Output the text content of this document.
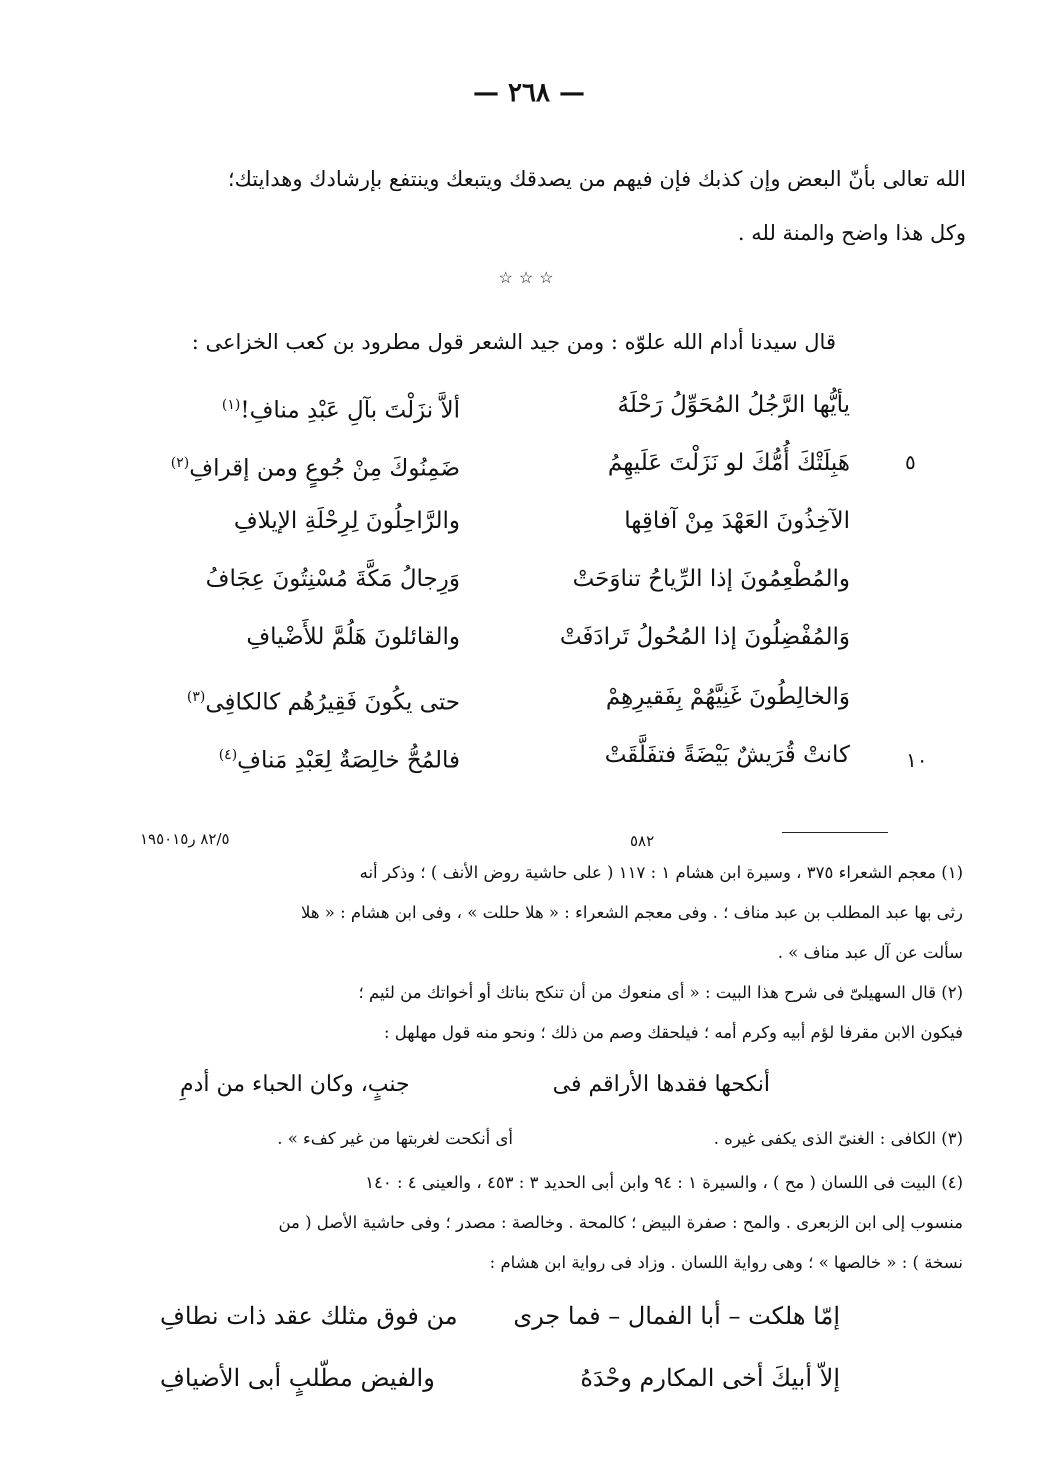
— ٢٦٨ —
الله تعالى بأنّ البعض وإن كذبك فإن فيهم من يصدقك ويتبعك وينتفع بإرشادك وهدايتك؛
وكل هذا واضح والمنة لله .
☆☆☆
قال سيدنا أدام الله علوّه : ومن جيد الشعر قول مطرود بن كعب الخزاعى :
يأيُّها الرَّجُلُ المُحَوِّلُ رَحْلَهُ
ألاَّ نزَلْتَ بآلِ عَبْدِ منافِ!$^{(١)}$
هَبِلَتْكَ أُمُّكَ لو نَزَلْتَ عَلَيهِمُ
ضَمِنُوكَ مِنْ جُوعٍ ومن إقرافِ$^{(٢)}$
الآخِذُونَ العَهْدَ مِنْ آفاقِها
والرَّاحِلُونَ لِرِحْلَةِ الإيلافِ
والمُطْعِمُونَ إذا الرِّياحُ تناوَحَتْ
وَرِجالُ مَكَّةَ مُسْنِتُونَ عِجَافُ
وَالمُفْضِلُونَ إذا المُحُولُ تَرادَفَتْ
والقائلونَ هَلُمَّ للأَضْيافِ
وَالخالِطُونَ غَنِيَّهُمْ بِفَقيرِهِمْ
حتى يكُونَ فَقِيرُهُم كالكافِى$^{(٣)}$
كانتْ قُرَيشٌ بَيْضَةً فتفَلَّقَتْ
فالمُحُّ خالِصَةٌ لِعَبْدِ مَنافِ$^{(٤)}$
٥
١٠
٨٢/٥ ر١٩٥٠١٥	٥٨٢
(١) معجم الشعراء ٣٧٥ ، وسيرة ابن هشام ١ : ١١٧ ( على حاشية روض الأنف ) ؛ وذكر أنه
رثى بها عبد المطلب بن عبد مناف ؛ . وفى معجم الشعراء : « هلا حللت » ، وفى ابن هشام : « هلا
سألت عن آل عبد مناف » .
(٢) قال السهيلىّ فى شرح هذا البيت : « أى منعوك من أن تنكح بناتك أو أخواتك من لئيم ؛
فيكون الابن مقرفا لؤم أبيه وكرم أمه ؛ فيلحقك وصم من ذلك ؛ ونحو منه قول مهلهل :
أنكحها فقدها الأراقم فى
جنبٍ، وكان الحباء من أدمِ
أى أنكحت لغربتها من غير كفء » .	(٣) الكافى : الغنىّ الذى يكفى غيره .
(٤) البيت فى اللسان ( مح ) ، والسيرة ١ : ٩٤ وابن أبى الحديد ٣ : ٤٥٣ ، والعينى ٤ : ١٤٠
منسوب إلى ابن الزبعرى . والمح : صفرة البيض ؛ كالمحة . وخالصة : مصدر ؛ وفى حاشية الأصل ( من
نسخة ) : « خالصها » ؛ وهى رواية اللسان . وزاد فى رواية ابن هشام :
إمّا هلكت – أبا الفمال – فما جرى
من فوق مثلك عقد ذات نطافِ
إلاّ أبيكَ أخى المكارم وحْدَهُ
والفيض مطّلبٍ أبى الأضيافِ
